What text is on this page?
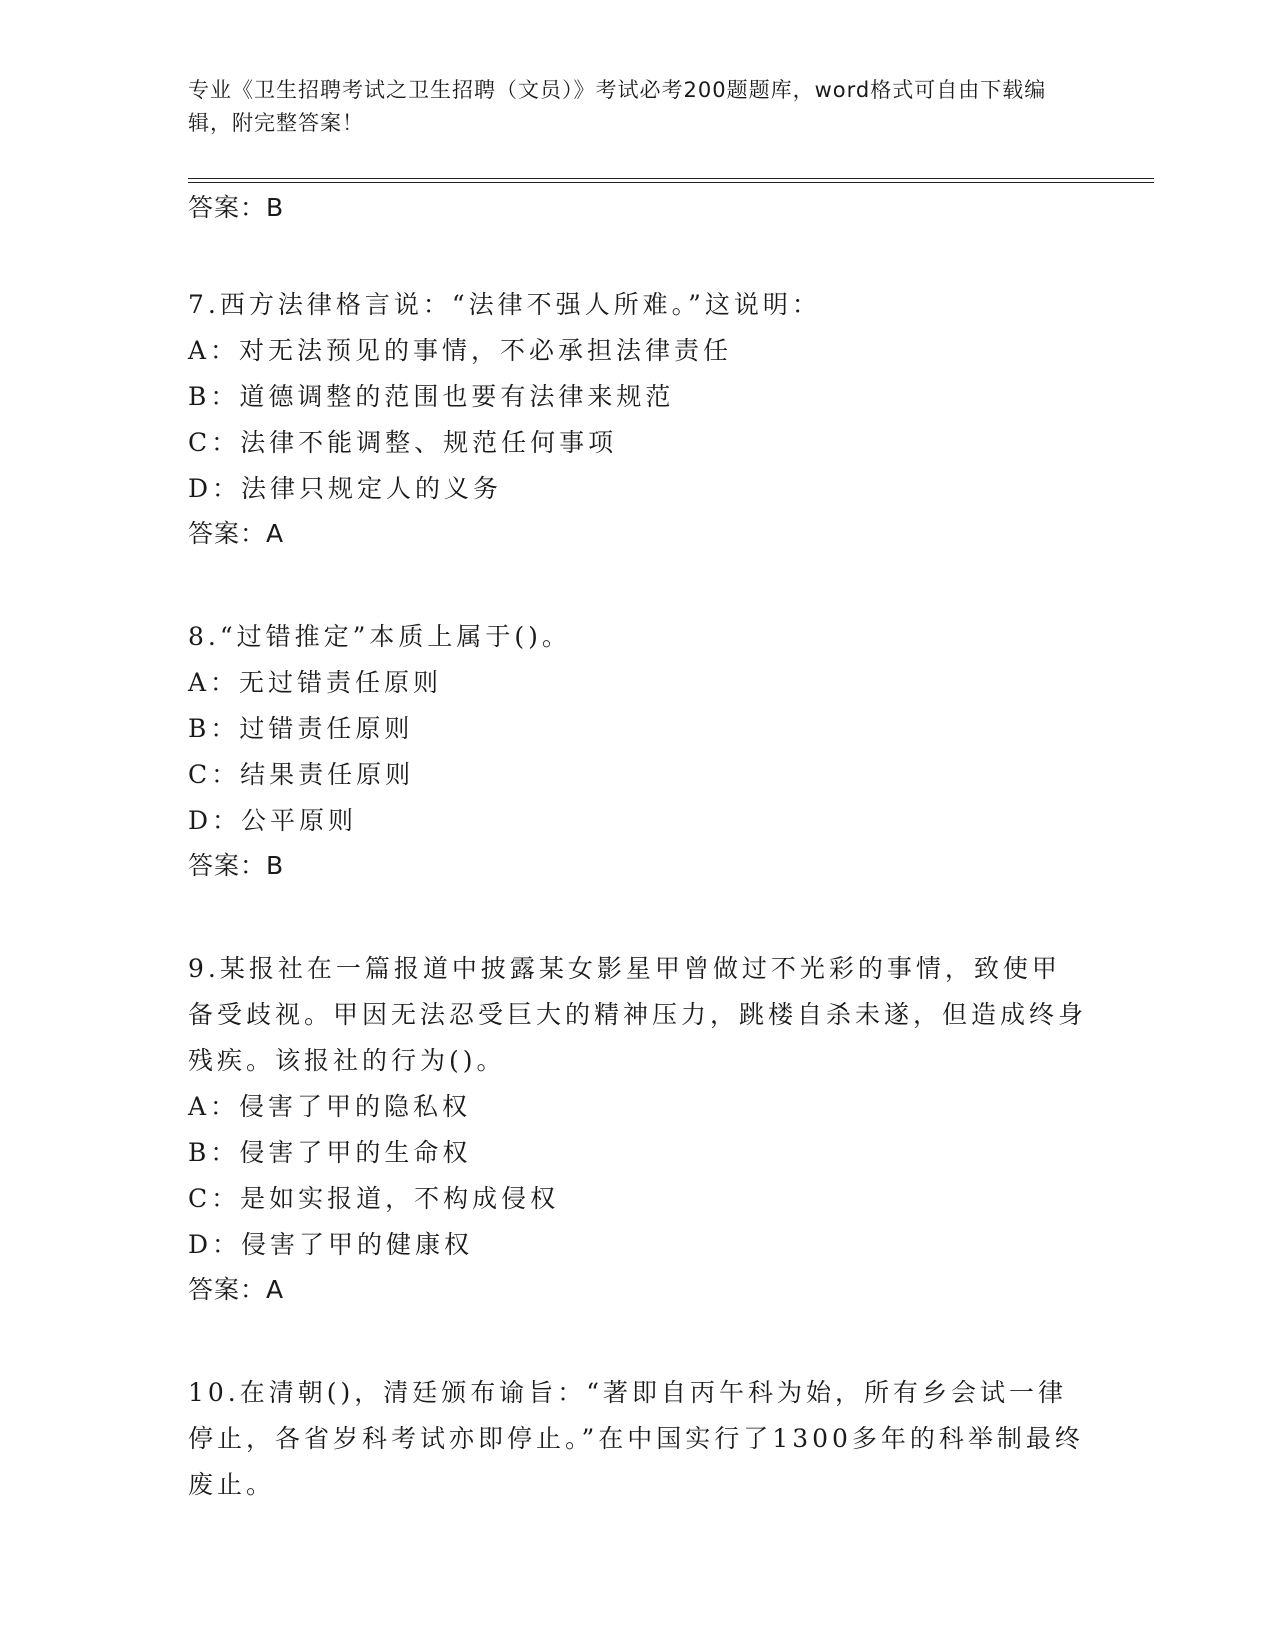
专业《卫生招聘考试之卫生招聘（文员）》考试必考200题题库，word格式可自由下载编辑，附完整答案！

答案：B

7.西方法律格言说：“法律不强人所难。”这说明：

A：对无法预见的事情，不必承担法律责任

B：道德调整的范围也要有法律来规范

C：法律不能调整、规范任何事项

D：法律只规定人的义务

答案：A

8.“过错推定”本质上属于()。

A：无过错责任原则

B：过错责任原则

C：结果责任原则

D：公平原则

答案：B

9.某报社在一篇报道中披露某女影星甲曾做过不光彩的事情，致使甲备受歧视。甲因无法忍受巨大的精神压力，跳楼自杀未遂，但造成终身残疾。该报社的行为()。

A：侵害了甲的隐私权

B：侵害了甲的生命权

C：是如实报道，不构成侵权

D：侵害了甲的健康权

答案：A

10.在清朝()，清廷颁布谕旨：“著即自丙午科为始，所有乡会试一律停止，各省岁科考试亦即停止。”在中国实行了1300多年的科举制最终废止。
